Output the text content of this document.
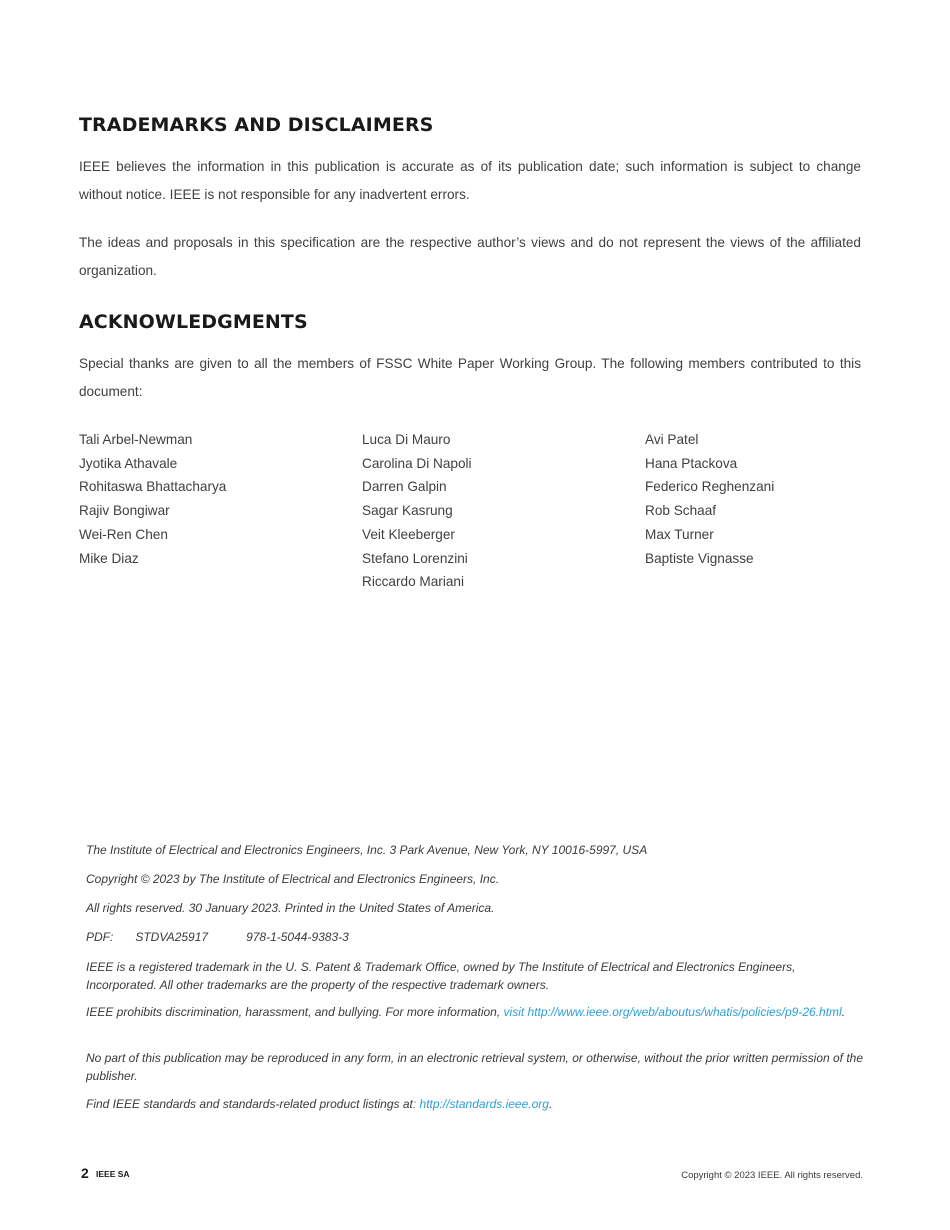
TRADEMARKS AND DISCLAIMERS

IEEE believes the information in this publication is accurate as of its publication date; such information is subject to change without notice. IEEE is not responsible for any inadvertent errors.

The ideas and proposals in this specification are the respective author’s views and do not represent the views of the affiliated organization.

ACKNOWLEDGMENTS

Special thanks are given to all the members of FSSC White Paper Working Group. The following members contributed to this document:

Tali Arbel-Newman
Jyotika Athavale
Rohitaswa Bhattacharya
Rajiv Bongiwar
Wei-Ren Chen
Mike Diaz
Luca Di Mauro
Carolina Di Napoli
Darren Galpin
Sagar Kasrung
Veit Kleeberger
Stefano Lorenzini
Riccardo Mariani
Avi Patel
Hana Ptackova
Federico Reghenzani
Rob Schaaf
Max Turner
Baptiste Vignasse

The Institute of Electrical and Electronics Engineers, Inc. 3 Park Avenue, New York, NY 10016-5997, USA

Copyright © 2023 by The Institute of Electrical and Electronics Engineers, Inc.

All rights reserved. 30 January 2023. Printed in the United States of America.

PDF: STDVA25917	978-1-5044-9383-3

IEEE is a registered trademark in the U. S. Patent & Trademark Office, owned by The Institute of Electrical and Electronics Engineers, Incorporated. All other trademarks are the property of the respective trademark owners.

IEEE prohibits discrimination, harassment, and bullying. For more information, visit http://www.ieee.org/web/aboutus/whatis/policies/p9-26.html.

No part of this publication may be reproduced in any form, in an electronic retrieval system, or otherwise, without the prior written permission of the publisher.

Find IEEE standards and standards-related product listings at: http://standards.ieee.org.

2 IEEE SA	Copyright © 2023 IEEE. All rights reserved.
